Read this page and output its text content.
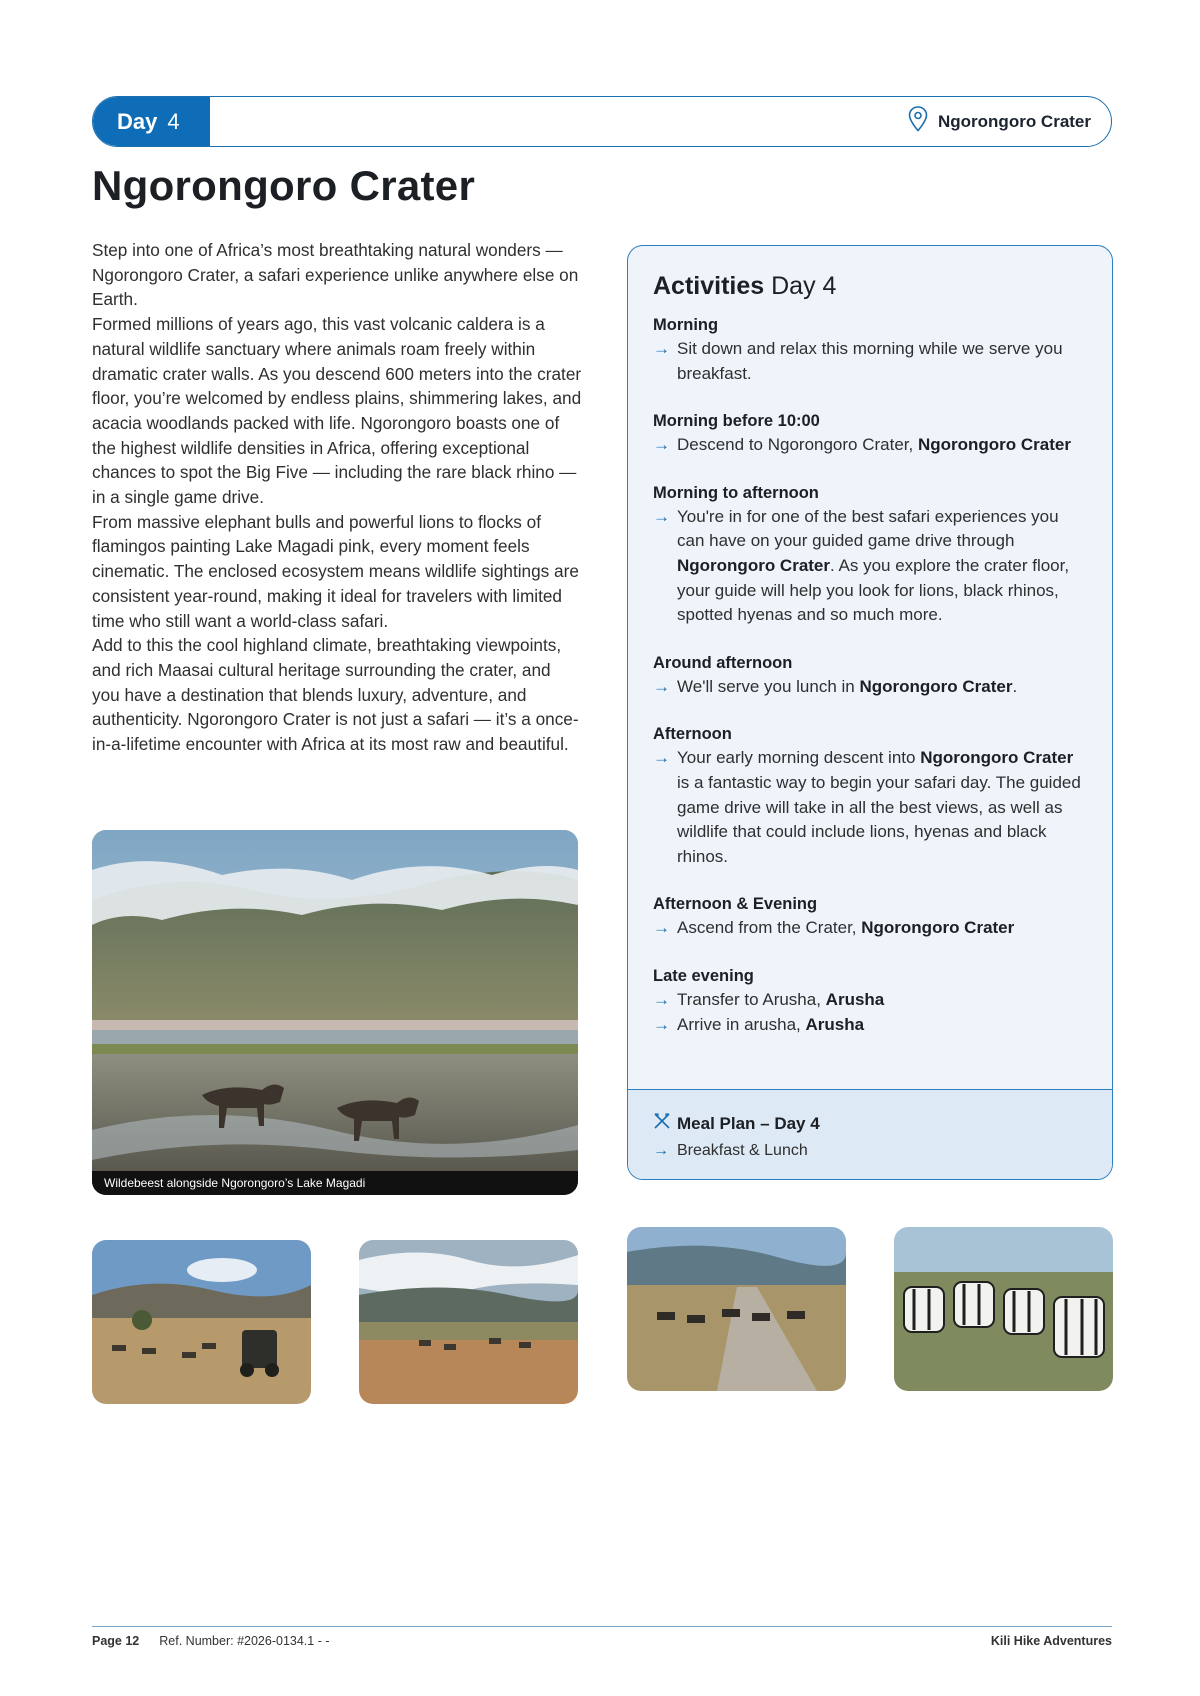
Day 4	Ngorongoro Crater
Ngorongoro Crater

Step into one of Africa’s most breathtaking natural wonders — Ngorongoro Crater, a safari experience unlike anywhere else on Earth.

Formed millions of years ago, this vast volcanic caldera is a natural wildlife sanctuary where animals roam freely within dramatic crater walls. As you descend 600 meters into the crater floor, you’re welcomed by endless plains, shimmering lakes, and acacia woodlands packed with life. Ngorongoro boasts one of the highest wildlife densities in Africa, offering exceptional chances to spot the Big Five — including the rare black rhino — in a single game drive.

From massive elephant bulls and powerful lions to flocks of flamingos painting Lake Magadi pink, every moment feels cinematic. The enclosed ecosystem means wildlife sightings are consistent year-round, making it ideal for travelers with limited time who still want a world-class safari.

Add to this the cool highland climate, breathtaking viewpoints, and rich Maasai cultural heritage surrounding the crater, and you have a destination that blends luxury, adventure, and authenticity. Ngorongoro Crater is not just a safari — it’s a once-in-a-lifetime encounter with Africa at its most raw and beautiful.

Wildebeest alongside Ngorongoro’s Lake Magadi
Activities Day 4
Morning
→ Sit down and relax this morning while we serve you breakfast.
Morning before 10:00
→ Descend to Ngorongoro Crater, Ngorongoro Crater
Morning to afternoon
→ You're in for one of the best safari experiences you can have on your guided game drive through Ngorongoro Crater. As you explore the crater floor, your guide will help you look for lions, black rhinos, spotted hyenas and so much more.
Around afternoon
→ We'll serve you lunch in Ngorongoro Crater.
Afternoon
→ Your early morning descent into Ngorongoro Crater is a fantastic way to begin your safari day. The guided game drive will take in all the best views, as well as wildlife that could include lions, hyenas and black rhinos.
Afternoon & Evening
→ Ascend from the Crater, Ngorongoro Crater
Late evening
→ Transfer to Arusha, Arusha
→ Arrive in arusha, Arusha
Meal Plan – Day 4
→ Breakfast & Lunch
Page 12 Ref. Number: #2026-0134.1 - -	Kili Hike Adventures
